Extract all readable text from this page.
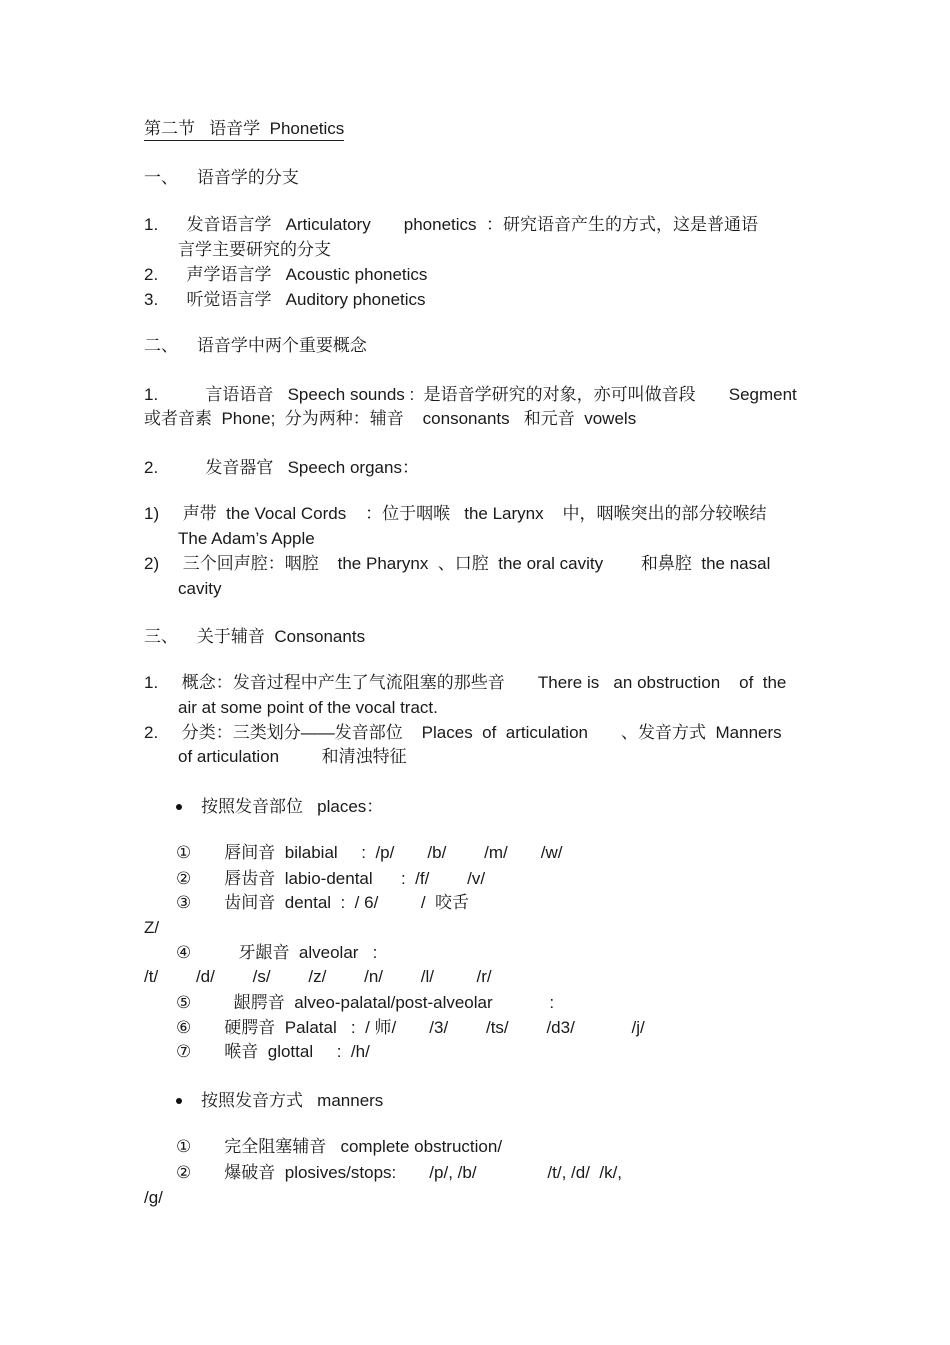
第二节   语音学  Phonetics
一、    语音学的分支
1.      发音语言学   Articulatory       phonetics  ：研究语音产生的方式，这是普通语
言学主要研究的分支
2.      声学语言学   Acoustic phonetics
3.      听觉语言学   Auditory phonetics
二、    语音学中两个重要概念
1.          言语语音   Speech sounds :  是语音学研究的对象，亦可叫做音段       Segment
或者音素  Phone;  分为两种：辅音    consonants   和元音  vowels
2.          发音器官   Speech organs：
1)     声带  the Vocal Cords    ：位于咽喉   the Larynx    中，咽喉突出的部分较喉结
The Adam’s Apple
2)     三个回声腔：咽腔    the Pharynx  、口腔  the oral cavity        和鼻腔  the nasal
cavity
三、    关于辅音  Consonants
1.     概念：发音过程中产生了气流阻塞的那些音       There is   an obstruction    of  the
air at some point of the vocal tract.
2.     分类：三类划分——发音部位    Places  of  articulation       、发音方式  Manners
of articulation         和清浊特征
按照发音部位   places：
①       唇间音  bilabial     :  /p/       /b/        /m/       /w/
②       唇齿音  labio-dental      :  /f/        /v/
③       齿间音  dental  :  / 6/         /  咬舌
Z/
④          牙龈音  alveolar   :
/t/        /d/        /s/        /z/        /n/        /l/         /r/
⑤         龈腭音  alveo-palatal/post-alveolar            :
⑥       硬腭音  Palatal   :  / 师/       /3/        /ts/        /d3/            /j/
⑦       喉音  glottal     :  /h/
按照发音方式   manners
①       完全阻塞辅音   complete obstruction/
②       爆破音  plosives/stops:       /p/, /b/               /t/, /d/  /k/,
/g/
